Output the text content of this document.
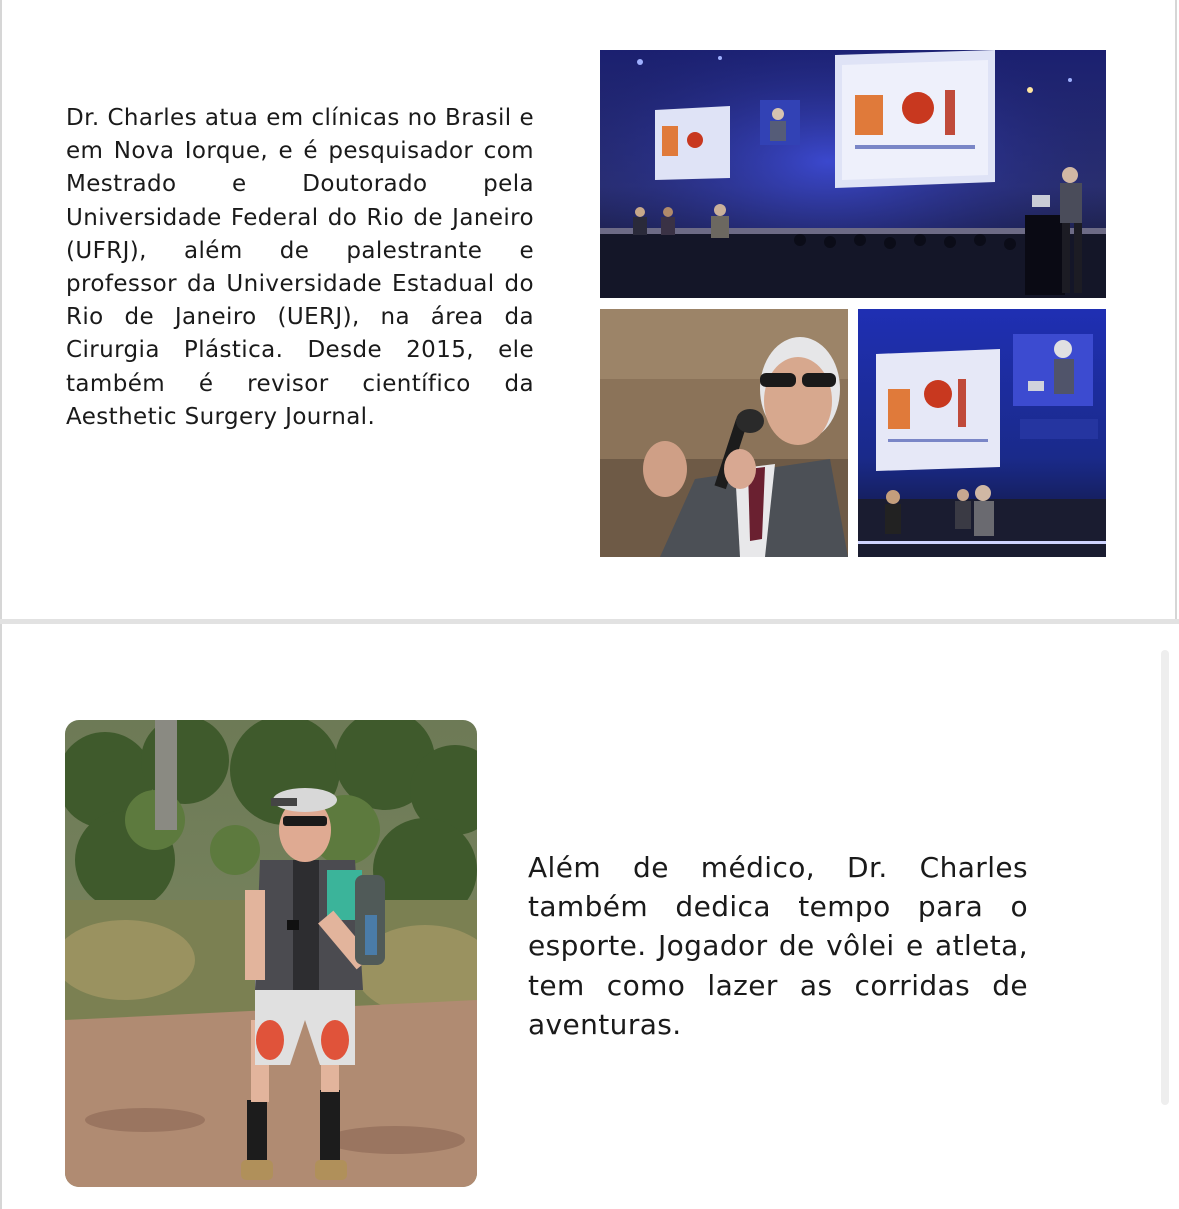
Dr. Charles atua em clínicas no Brasil e em Nova Iorque, e é pesquisador com Mestrado e Doutorado pela Universidade Federal do Rio de Janeiro (UFRJ), além de palestrante e professor da Universidade Estadual do Rio de Janeiro (UERJ), na área da Cirurgia Plástica. Desde 2015, ele também é revisor científico da Aesthetic Surgery Journal.
Além de médico, Dr. Charles também dedica tempo para o esporte. Jogador de vôlei e atleta, tem como lazer as corridas de aventuras.
